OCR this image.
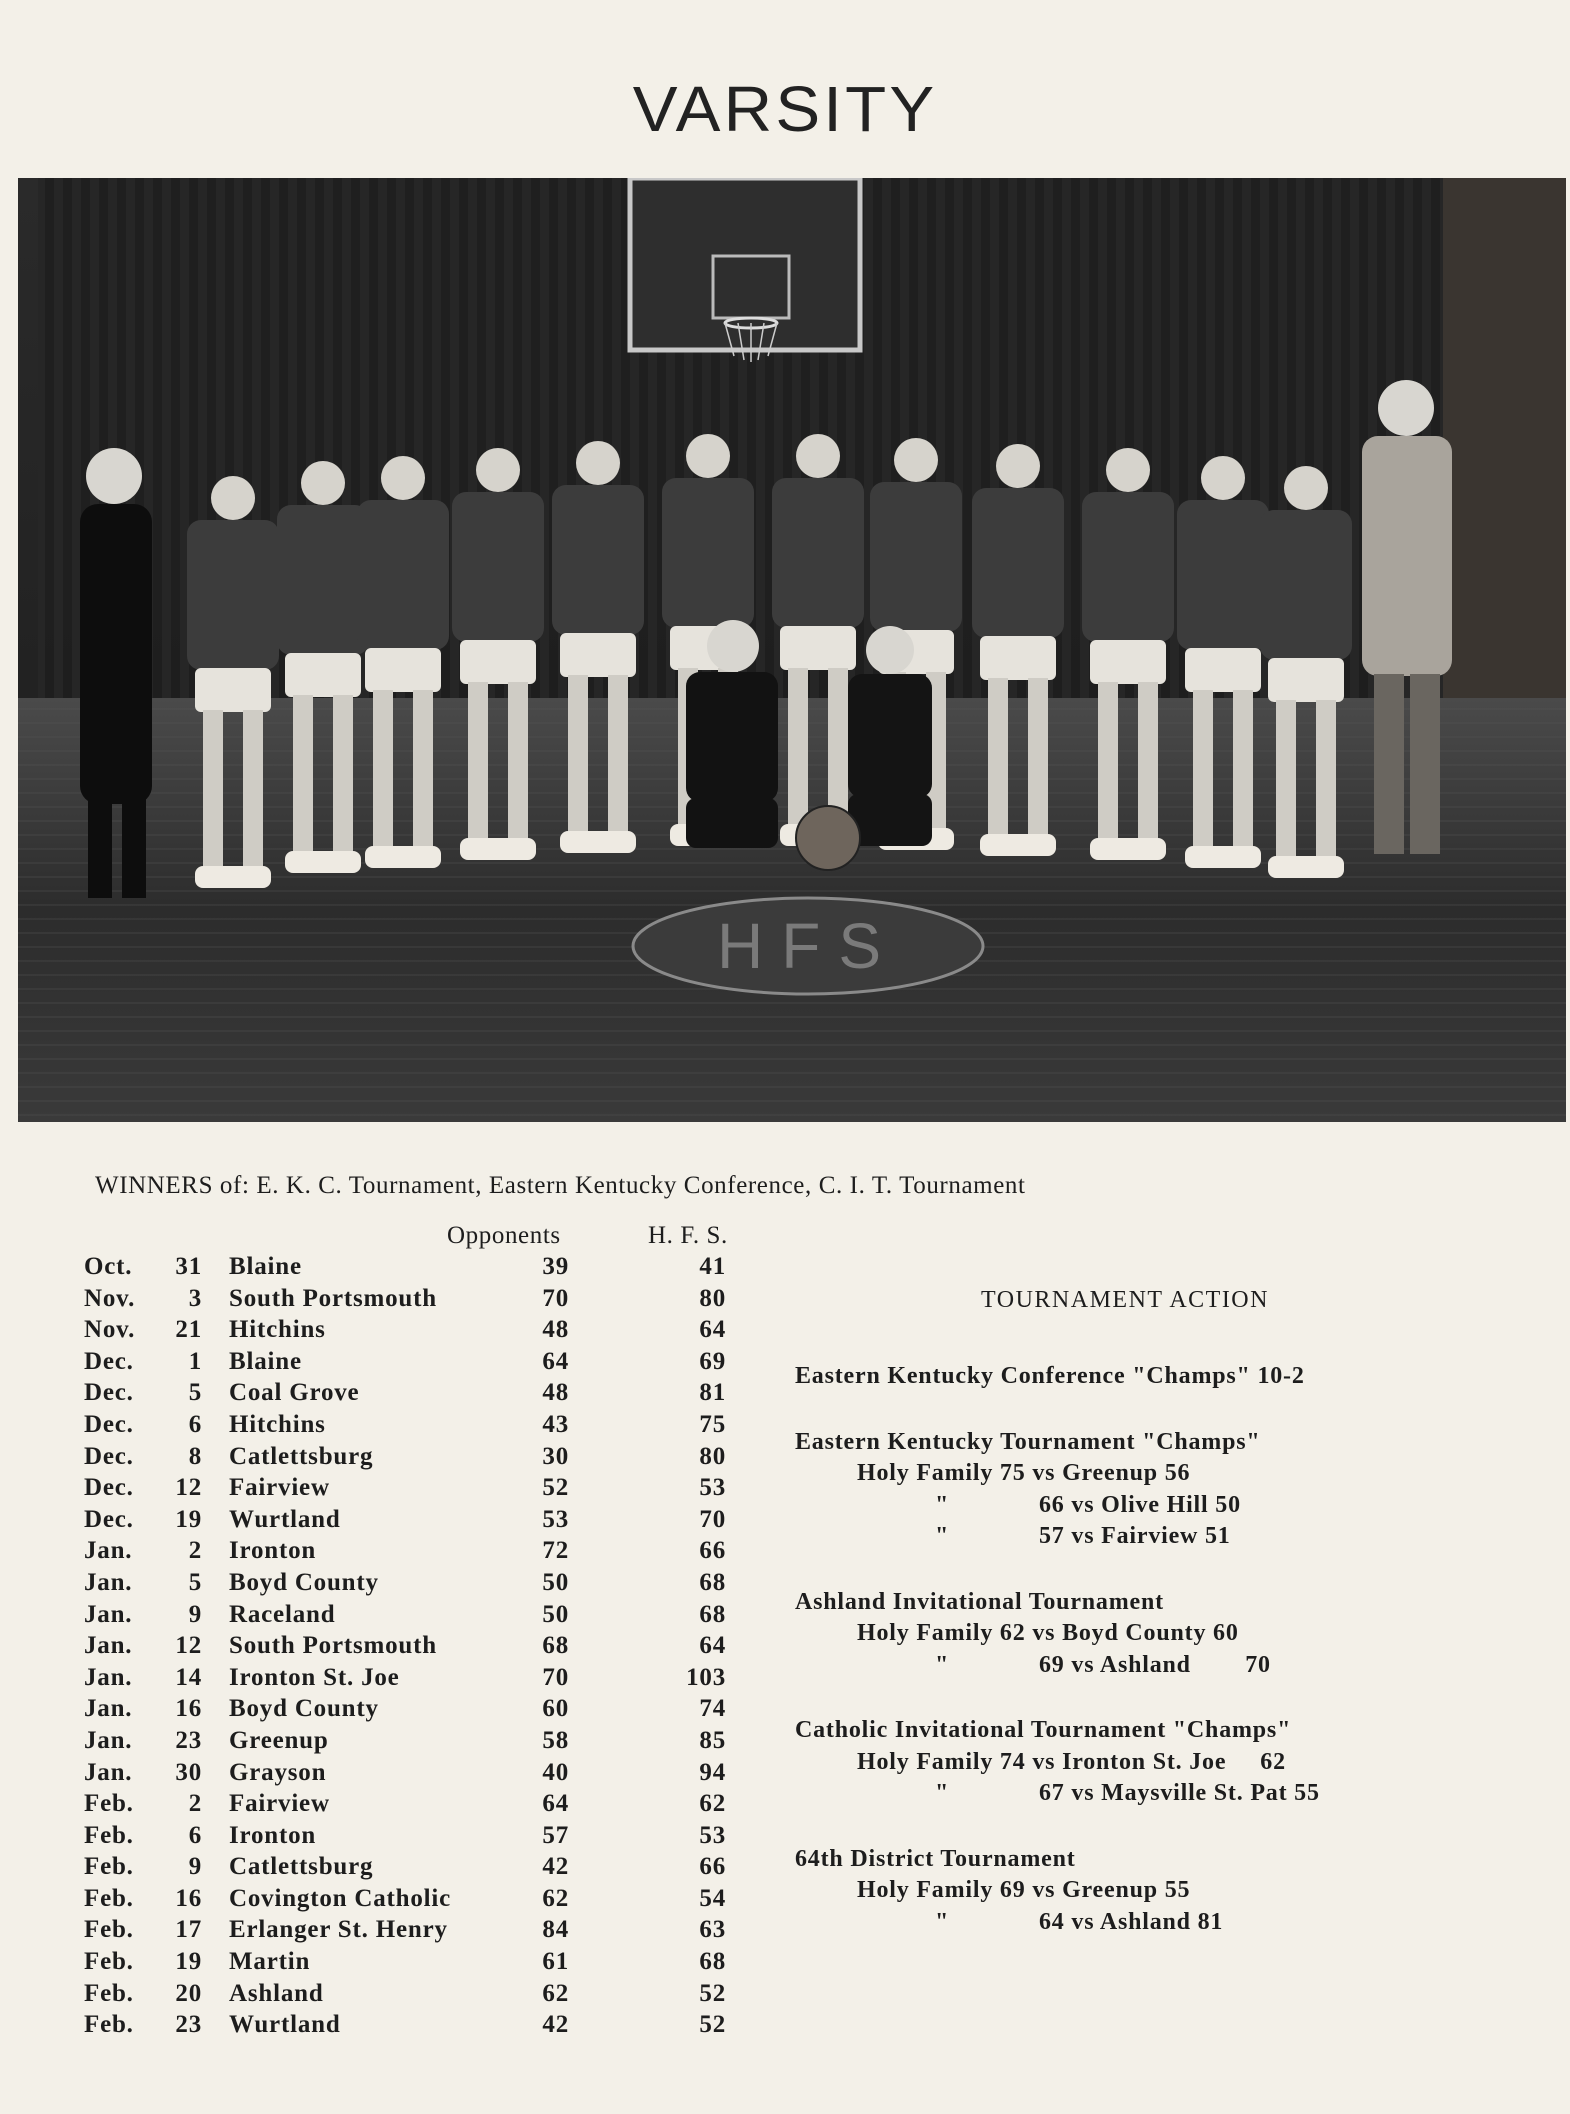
VARSITY
HFS
WINNERS of: E. K. C. Tournament, Eastern Kentucky Conference, C. I. T. Tournament
Opponents	H. F. S.
Oct.	31 Blaine	39	41
Nov.	3 South Portsmouth	70	80
Nov.	21 Hitchins	48	64
Dec.	1 Blaine	64	69
Dec.	5 Coal Grove	48	81
Dec.	6 Hitchins	43	75
Dec.	8 Catlettsburg	30	80
Dec.	12 Fairview	52	53
Dec.	19 Wurtland	53	70
Jan.	2 Ironton	72	66
Jan.	5 Boyd County	50	68
Jan.	9 Raceland	50	68
Jan.	12 South Portsmouth	68	64
Jan.	14 Ironton St. Joe	70	103
Jan.	16 Boyd County	60	74
Jan.	23 Greenup	58	85
Jan.	30 Grayson	40	94
Feb.	2 Fairview	64	62
Feb.	6 Ironton	57	53
Feb.	9 Catlettsburg	42	66
Feb.	16 Covington Catholic	62	54
Feb.	17 Erlanger St. Henry	84	63
Feb.	19 Martin	61	68
Feb.	20 Ashland	62	52
Feb.	23 Wurtland	42	52
TOURNAMENT ACTION
Eastern Kentucky Conference "Champs" 10-2
Eastern Kentucky Tournament "Champs"
Holy Family 75 vs Greenup 56
"	66 vs Olive Hill 50
"	57 vs Fairview 51
Ashland Invitational Tournament
Holy Family 62 vs Boyd County 60
"	69 vs Ashland        70
Catholic Invitational Tournament "Champs"
Holy Family 74 vs Ironton St. Joe     62
"	67 vs Maysville St. Pat 55
64th District Tournament
Holy Family 69 vs Greenup 55
"	64 vs Ashland 81
